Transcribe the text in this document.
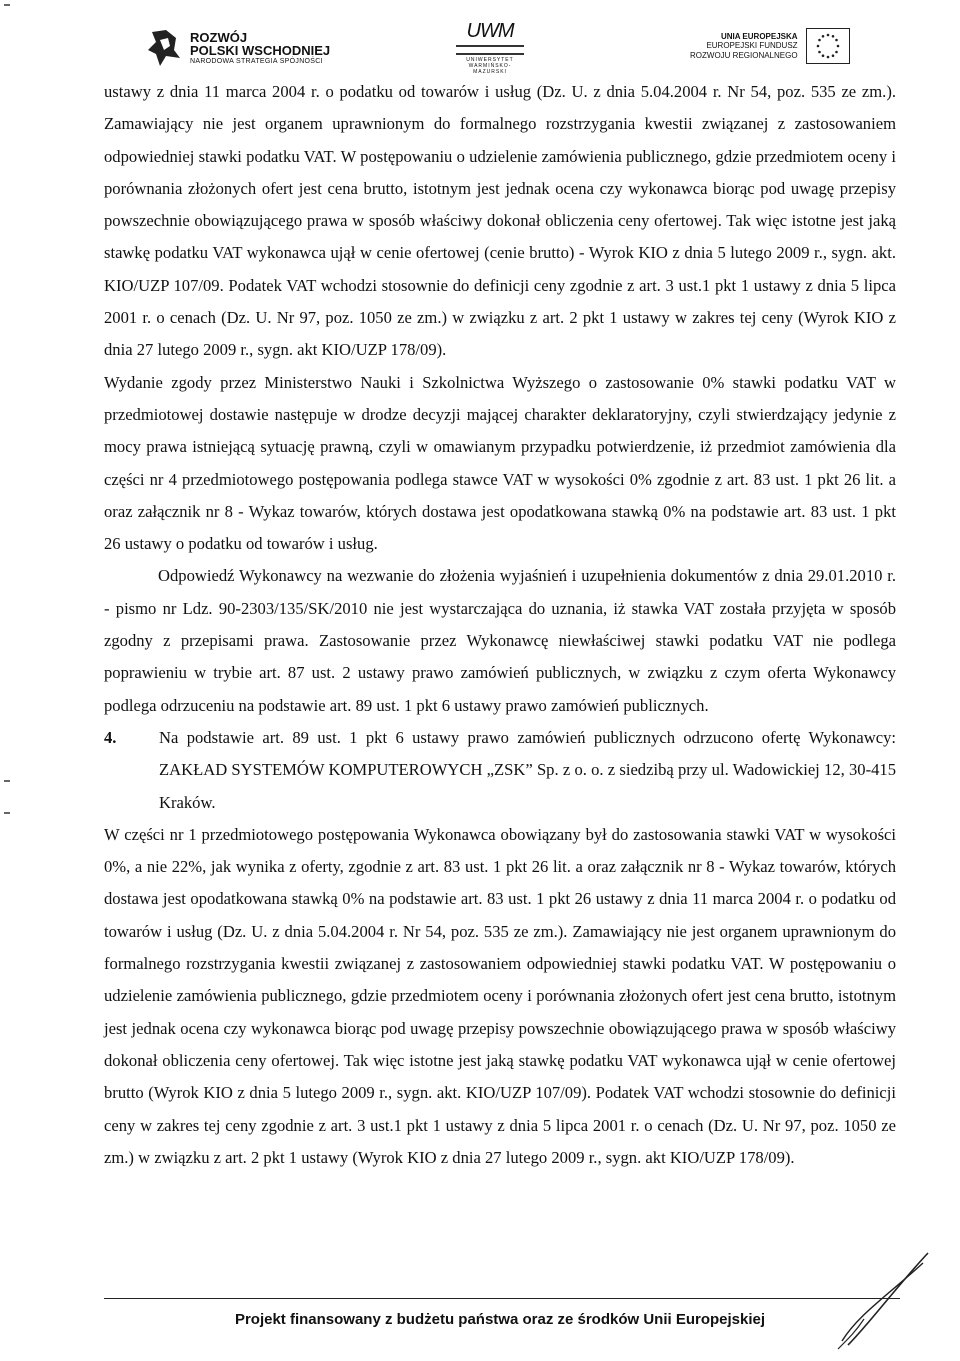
ROZWÓJ
POLSKI WSCHODNIEJ
NARODOWA STRATEGIA SPÓJNOŚCI
UWM
UNIWERSYTET WARMIŃSKO-MAZURSKI
UNIA EUROPEJSKA
EUROPEJSKI FUNDUSZ
ROZWOJU REGIONALNEGO

ustawy z dnia 11 marca 2004 r. o podatku od towarów i usług (Dz. U. z dnia 5.04.2004 r. Nr 54, poz. 535 ze zm.). Zamawiający nie jest organem uprawnionym do formalnego rozstrzygania kwestii związanej z zastosowaniem odpowiedniej stawki podatku VAT. W postępowaniu o udzielenie zamówienia publicznego, gdzie przedmiotem oceny i porównania złożonych ofert jest cena brutto, istotnym jest jednak ocena czy wykonawca biorąc pod uwagę przepisy powszechnie obowiązującego prawa w sposób właściwy dokonał obliczenia ceny ofertowej. Tak więc istotne jest jaką stawkę podatku VAT wykonawca ujął w cenie ofertowej (cenie brutto) - Wyrok KIO z dnia 5 lutego 2009 r., sygn. akt. KIO/UZP 107/09. Podatek VAT wchodzi stosownie do definicji ceny zgodnie z art. 3 ust.1 pkt 1 ustawy z dnia 5 lipca 2001 r. o cenach (Dz. U. Nr 97, poz. 1050 ze zm.) w związku z art. 2 pkt 1 ustawy w zakres tej ceny (Wyrok KIO z dnia 27 lutego 2009 r., sygn. akt KIO/UZP 178/09).

Wydanie zgody przez Ministerstwo Nauki i Szkolnictwa Wyższego o zastosowanie 0% stawki podatku VAT w przedmiotowej dostawie następuje w drodze decyzji mającej charakter deklaratoryjny, czyli stwierdzający jedynie z mocy prawa istniejącą sytuację prawną, czyli w omawianym przypadku potwierdzenie, iż przedmiot zamówienia dla części nr 4 przedmiotowego postępowania podlega stawce VAT w wysokości 0% zgodnie z art. 83 ust. 1 pkt 26 lit. a oraz załącznik nr 8 - Wykaz towarów, których dostawa jest opodatkowana stawką 0% na podstawie art. 83 ust. 1 pkt 26 ustawy o podatku od towarów i usług.

Odpowiedź Wykonawcy na wezwanie do złożenia wyjaśnień i uzupełnienia dokumentów z dnia 29.01.2010 r. - pismo nr Ldz. 90-2303/135/SK/2010 nie jest wystarczająca do uznania, iż stawka VAT została przyjęta w sposób zgodny z przepisami prawa. Zastosowanie przez Wykonawcę niewłaściwej stawki podatku VAT nie podlega poprawieniu w trybie art. 87 ust. 2 ustawy prawo zamówień publicznych, w związku z czym oferta Wykonawcy podlega odrzuceniu na podstawie art. 89 ust. 1 pkt 6 ustawy prawo zamówień publicznych.

4.	Na podstawie art. 89 ust. 1 pkt 6 ustawy prawo zamówień publicznych odrzucono ofertę Wykonawcy: ZAKŁAD SYSTEMÓW KOMPUTEROWYCH „ZSK” Sp. z o. o. z siedzibą przy ul. Wadowickiej 12, 30-415 Kraków.

W części nr 1 przedmiotowego postępowania Wykonawca obowiązany był do zastosowania stawki VAT w wysokości 0%, a nie 22%, jak wynika z oferty, zgodnie z art. 83 ust. 1 pkt 26 lit. a oraz załącznik nr 8 - Wykaz towarów, których dostawa jest opodatkowana stawką 0% na podstawie art. 83 ust. 1 pkt 26 ustawy z dnia 11 marca 2004 r. o podatku od towarów i usług (Dz. U. z dnia 5.04.2004 r. Nr 54, poz. 535 ze zm.). Zamawiający nie jest organem uprawnionym do formalnego rozstrzygania kwestii związanej z zastosowaniem odpowiedniej stawki podatku VAT. W postępowaniu o udzielenie zamówienia publicznego, gdzie przedmiotem oceny i porównania złożonych ofert jest cena brutto, istotnym jest jednak ocena czy wykonawca biorąc pod uwagę przepisy powszechnie obowiązującego prawa w sposób właściwy dokonał obliczenia ceny ofertowej. Tak więc istotne jest jaką stawkę podatku VAT wykonawca ujął w cenie ofertowej brutto (Wyrok KIO z dnia 5 lutego 2009 r., sygn. akt. KIO/UZP 107/09). Podatek VAT wchodzi stosownie do definicji ceny w zakres tej ceny zgodnie z art. 3 ust.1 pkt 1 ustawy z dnia 5 lipca 2001 r. o cenach (Dz. U. Nr 97, poz. 1050 ze zm.) w związku z art. 2 pkt 1 ustawy (Wyrok KIO z dnia 27 lutego 2009 r., sygn. akt KIO/UZP 178/09).

Projekt finansowany z budżetu państwa oraz ze środków Unii Europejskiej
